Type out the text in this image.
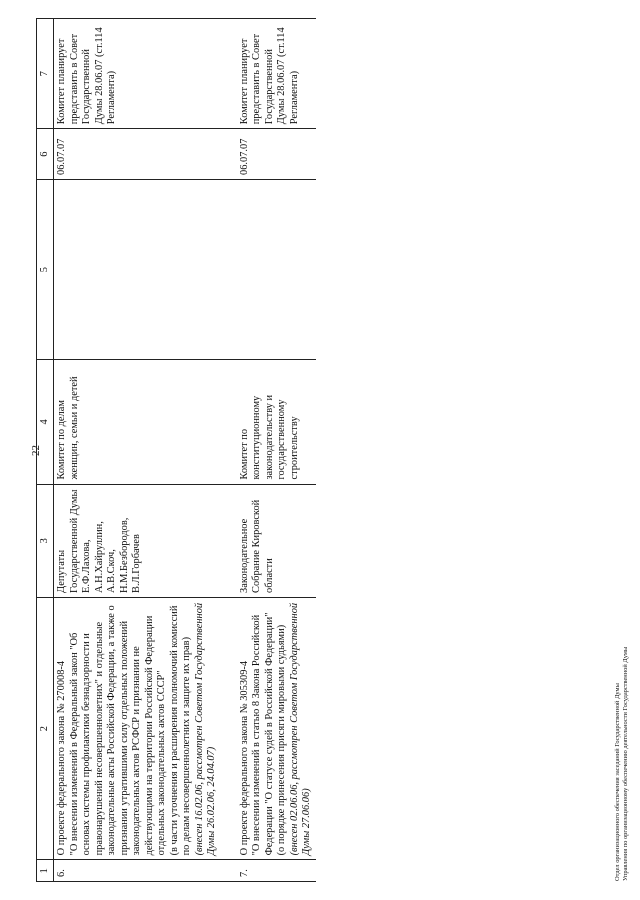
22
1	2	3	4	5	6	7
6.	О проекте федерального закона № 270008-4 "О внесении изменений в Федеральный закон "Об основах системы профилактики безнадзорности и правонарушений несовершеннолетних" и отдельные законодательные акты Российской Федерации, а также о признании утратившими силу отдельных положений законодательных актов РСФСР и признании не действующими на территории Российской Федерации отдельных законодательных актов СССР" (в части уточнения и расширения полномочий комиссий по делам несовершеннолетних и защите их прав) (внесен 16.02.06, рассмотрен Советом Государственной Думы 26.02.06, 24.04.07)	Депутаты Государственной Думы Е.Ф.Лахова, А.Н.Хайруллин, А.В.Скоч, Н.М.Безбородов, В.Л.Горбачев	Комитет по делам женщин, семьи и детей		06.07.07	Комитет планирует представить в Совет Государственной Думы 28.06.07 (ст.114 Регламента)
7.	О проекте федерального закона № 305309-4 "О внесении изменений в статью 8 Закона Российской Федерации "О статусе судей в Российской Федерации" (о порядке принесения присяги мировыми судьями) (внесен 02.06.06, рассмотрен Советом Государственной Думы 27.06.06)	Законодательное Собрание Кировской области	Комитет по конституционному законодательству и государственному строительству		06.07.07	Комитет планирует представить в Совет Государственной Думы 28.06.07 (ст.114 Регламента)
Отдел организационного обеспечения заседаний Государственной Думы Управления по организационному обеспечению деятельности Государственной Думы
